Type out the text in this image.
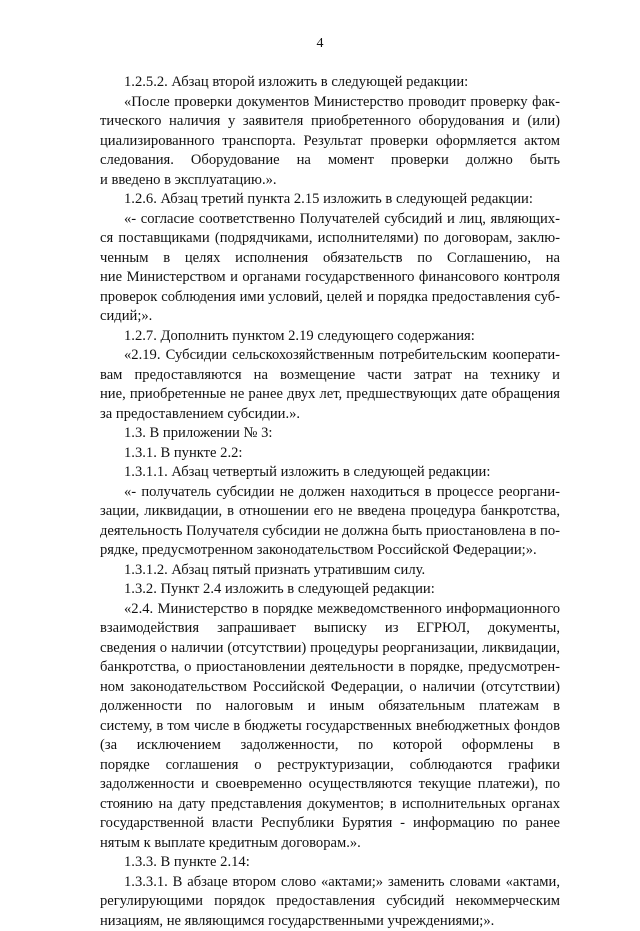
4
1.2.5.2. Абзац второй изложить в следующей редакции:
«После проверки документов Министерство проводит проверку фак-
тического наличия у заявителя приобретенного оборудования и (или)
циализированного транспорта. Результат проверки оформляется актом
следования. Оборудование на момент проверки должно быть
и введено в эксплуатацию.».
1.2.6. Абзац третий пункта 2.15 изложить в следующей редакции:
«- согласие соответственно Получателей субсидий и лиц, являющих-
ся поставщиками (подрядчиками, исполнителями) по договорам, заклю-
ченным в целях исполнения обязательств по Соглашению, на
ние Министерством и органами государственного финансового контроля
проверок соблюдения ими условий, целей и порядка предоставления суб-
сидий;».
1.2.7. Дополнить пунктом 2.19 следующего содержания:
«2.19. Субсидии сельскохозяйственным потребительским кооперати-
вам предоставляются на возмещение части затрат на технику и
ние, приобретенные не ранее двух лет, предшествующих дате обращения
за предоставлением субсидии.».
1.3. В приложении № 3:
1.3.1. В пункте 2.2:
1.3.1.1. Абзац четвертый изложить в следующей редакции:
«- получатель субсидии не должен находиться в процессе реоргани-
зации, ликвидации, в отношении его не введена процедура банкротства,
деятельность Получателя субсидии не должна быть приостановлена в по-
рядке, предусмотренном законодательством Российской Федерации;».
1.3.1.2. Абзац пятый признать утратившим силу.
1.3.2. Пункт 2.4 изложить в следующей редакции:
«2.4. Министерство в порядке межведомственного информационного
взаимодействия запрашивает выписку из ЕГРЮЛ, документы,
сведения о наличии (отсутствии) процедуры реорганизации, ликвидации,
банкротства, о приостановлении деятельности в порядке, предусмотрен-
ном законодательством Российской Федерации, о наличии (отсутствии)
долженности по налоговым и иным обязательным платежам в
систему, в том числе в бюджеты государственных внебюджетных фондов
(за исключением задолженности, по которой оформлены в
порядке соглашения о реструктуризации, соблюдаются графики
задолженности и своевременно осуществляются текущие платежи), по
стоянию на дату представления документов; в исполнительных органах
государственной власти Республики Бурятия - информацию по ранее
нятым к выплате кредитным договорам.».
1.3.3. В пункте 2.14:
1.3.3.1. В абзаце втором слово «актами;» заменить словами «актами,
регулирующими порядок предоставления субсидий некоммерческим
низациям, не являющимся государственными учреждениями;».
